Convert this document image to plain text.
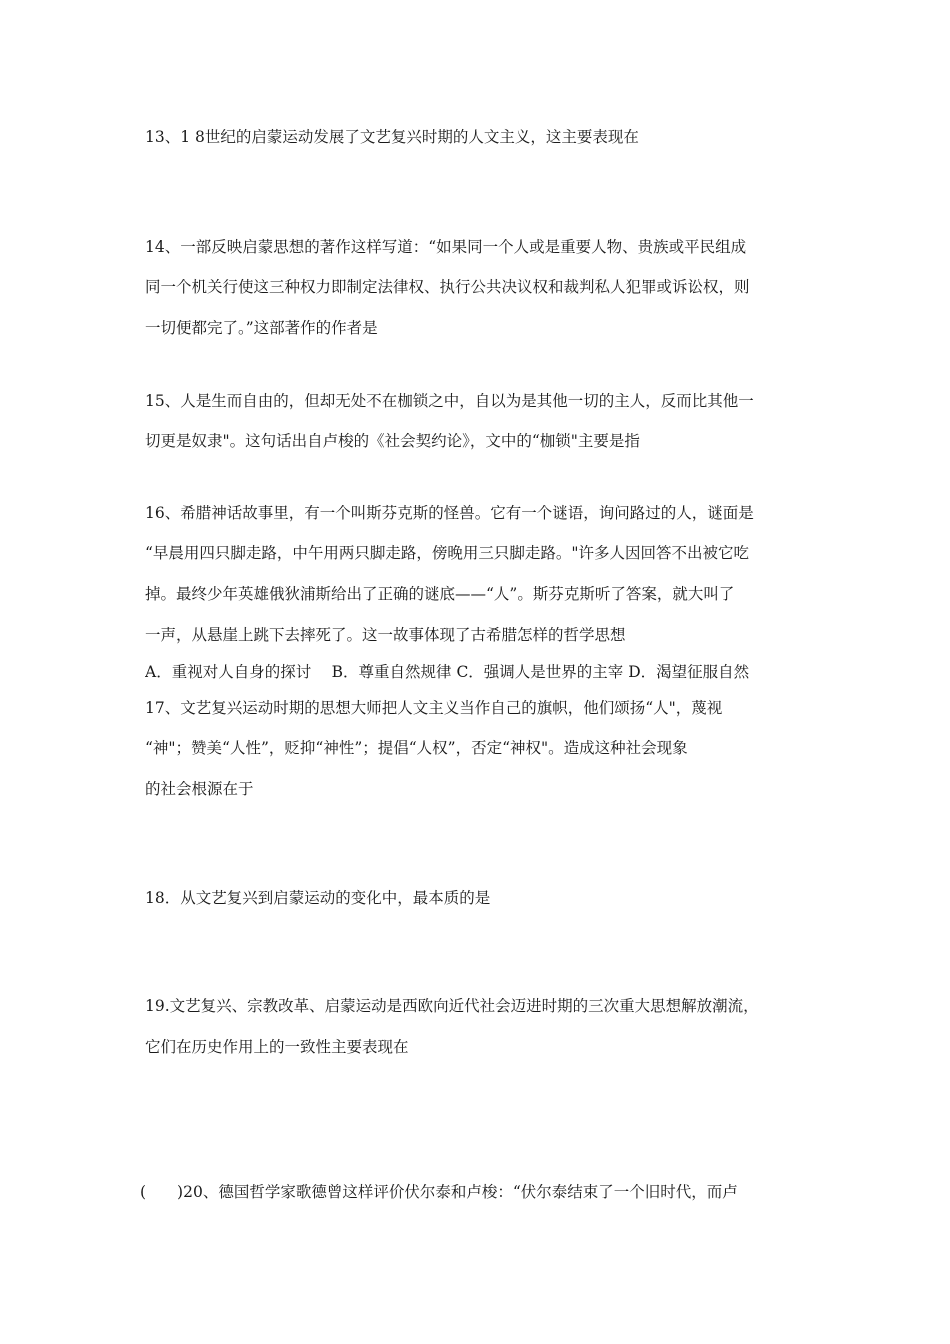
13、1 8世纪的启蒙运动发展了文艺复兴时期的人文主义，这主要表现在
14、一部反映启蒙思想的著作这样写道：“如果同一个人或是重要人物、贵族或平民组成
同一个机关行使这三种权力即制定法律权、执行公共决议权和裁判私人犯罪或诉讼权，则
一切便都完了。”这部著作的作者是
15、人是生而自由的，但却无处不在枷锁之中，自以为是其他一切的主人，反而比其他一
切更是奴隶"。这句话出自卢梭的《社会契约论》，文中的“枷锁"主要是指
16、希腊神话故事里，有一个叫斯芬克斯的怪兽。它有一个谜语，询问路过的人，谜面是
“早晨用四只脚走路，中午用两只脚走路，傍晚用三只脚走路。"许多人因回答不出被它吃
掉。最终少年英雄俄狄浦斯给出了正确的谜底——“人”。斯芬克斯听了答案，就大叫了
一声，从悬崖上跳下去摔死了。这一故事体现了古希腊怎样的哲学思想
A．重视对人自身的探讨　 B．尊重自然规律 C．强调人是世界的主宰 D．渴望征服自然
17、文艺复兴运动时期的思想大师把人文主义当作自己的旗帜，他们颂扬“人"，蔑视
“神"；赞美“人性”，贬抑“神性”；提倡“人权”，否定“神权"。造成这种社会现象
的社会根源在于
18．从文艺复兴到启蒙运动的变化中，最本质的是
19.文艺复兴、宗教改革、启蒙运动是西欧向近代社会迈进时期的三次重大思想解放潮流，
它们在历史作用上的一致性主要表现在
(　　)20、德国哲学家歌德曾这样评价伏尔泰和卢梭：“伏尔泰结束了一个旧时代，而卢
